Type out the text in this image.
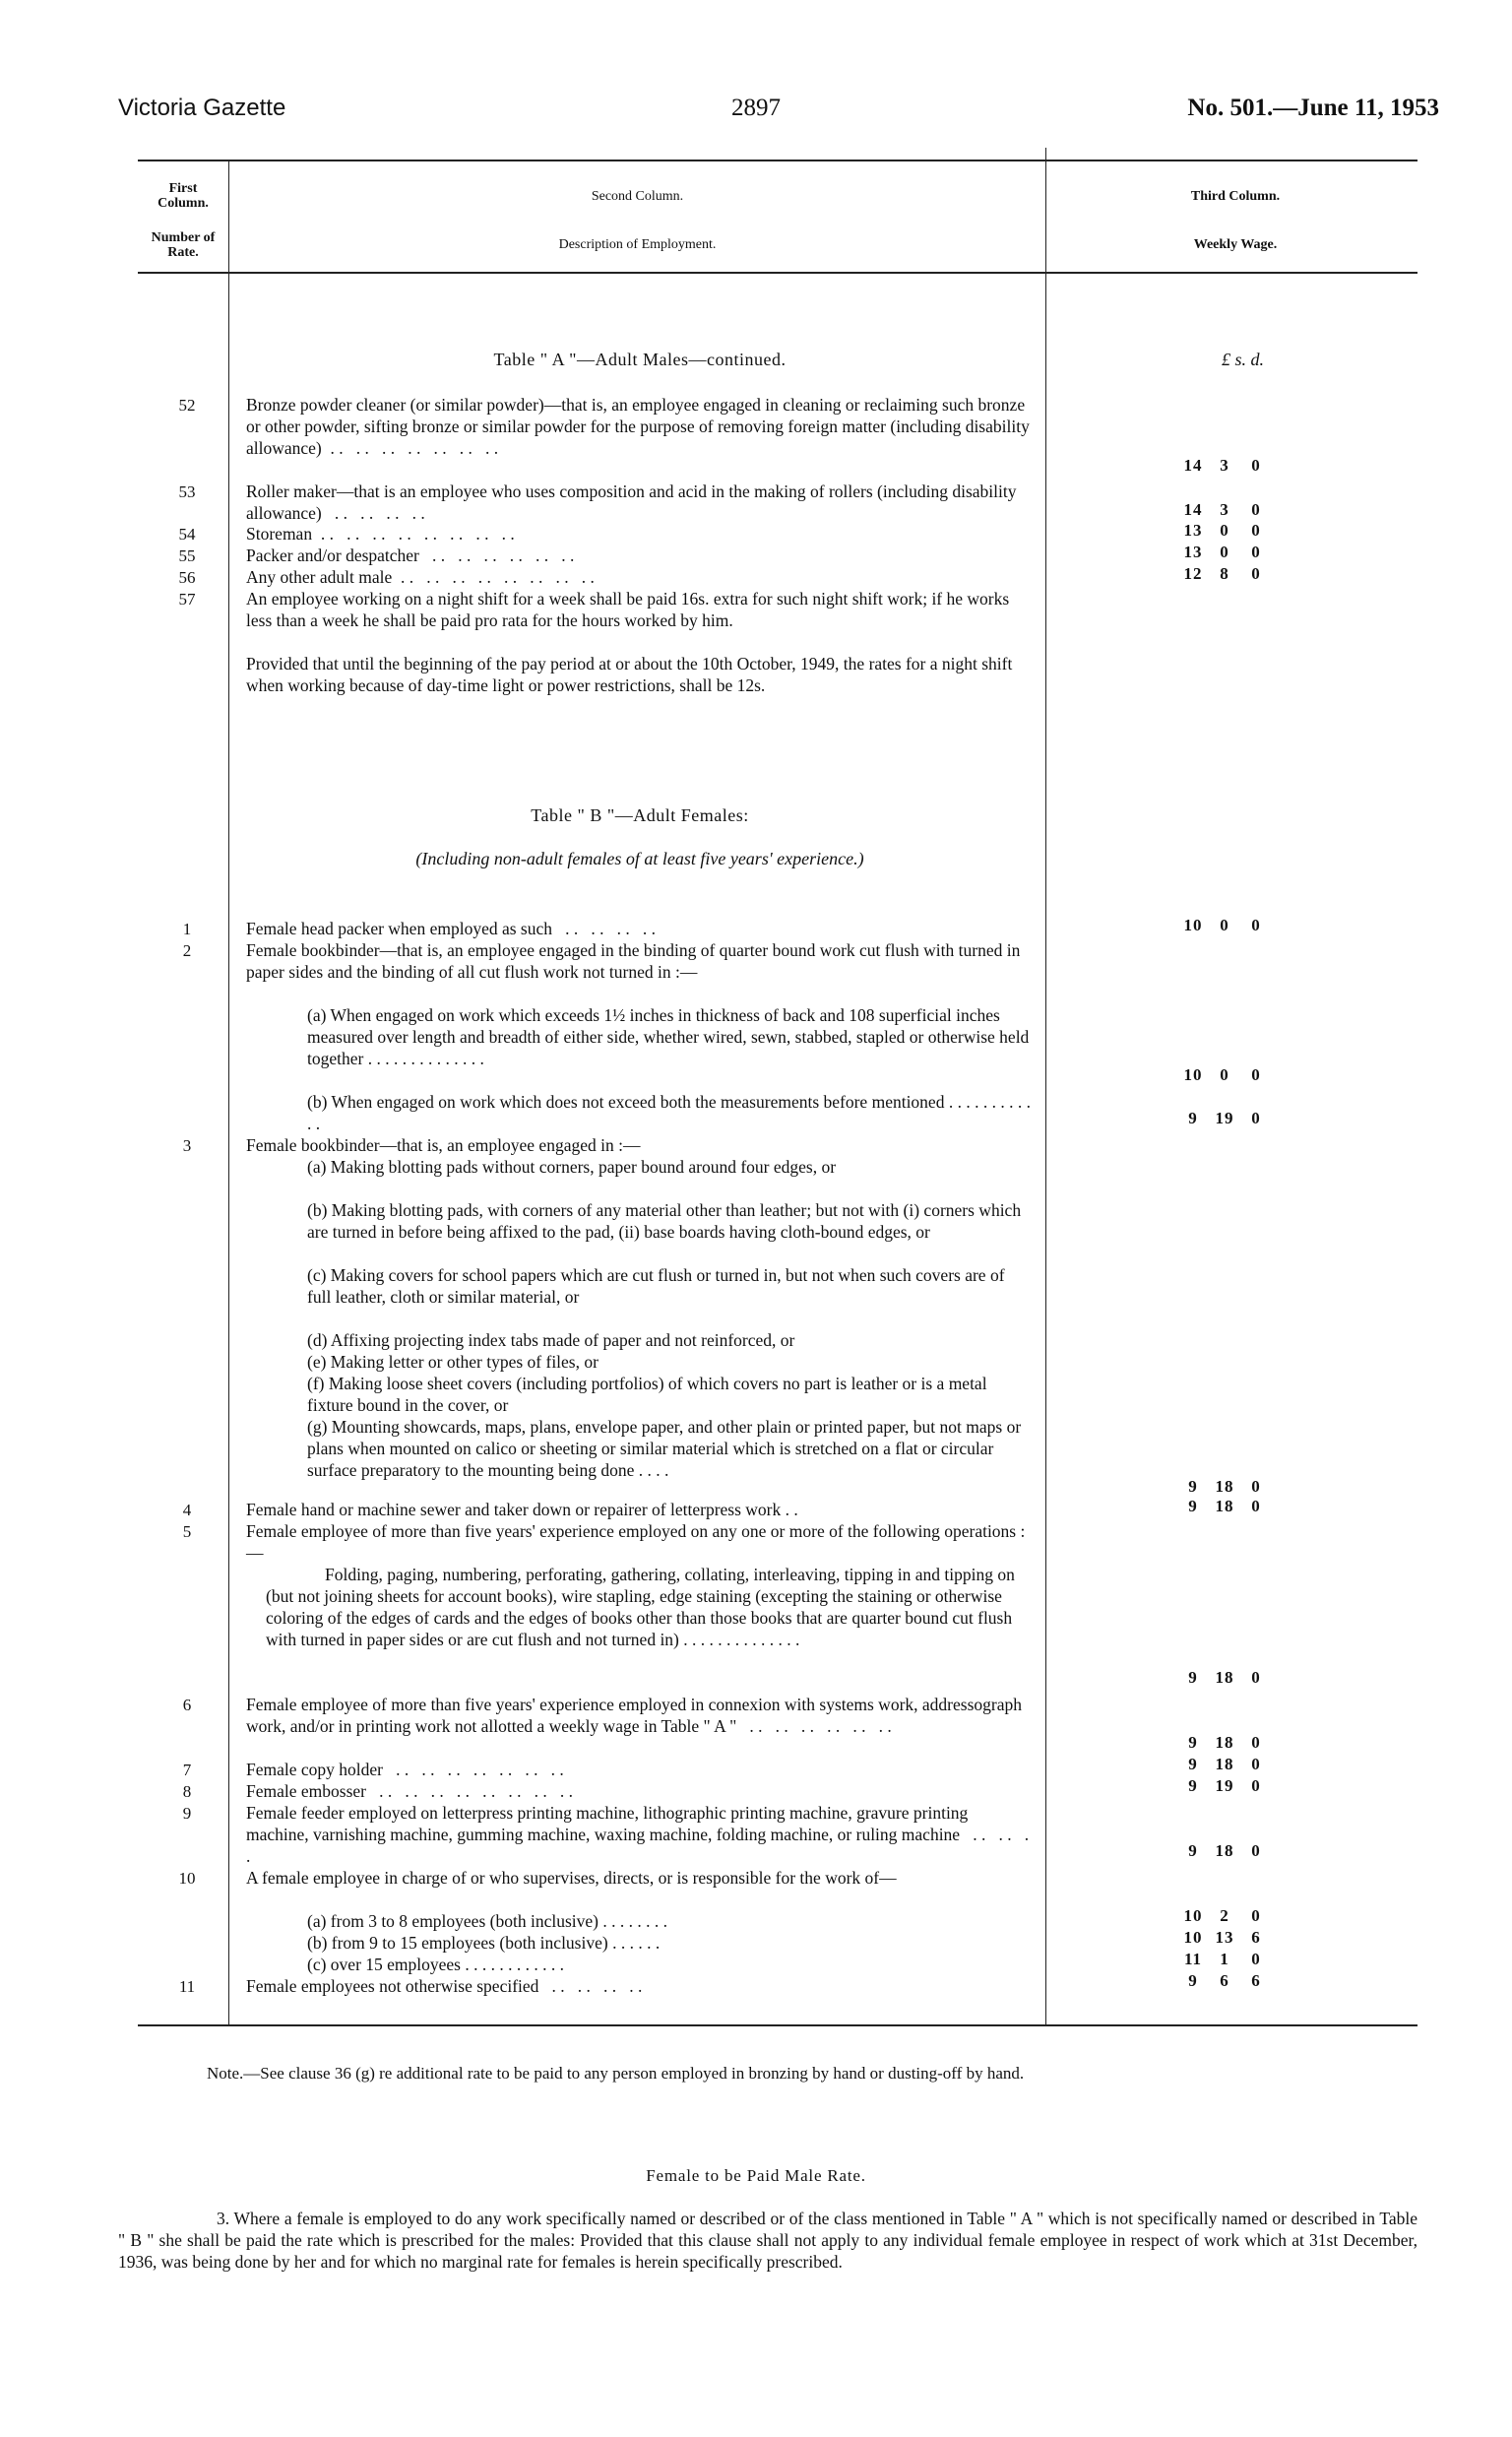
Victoria Gazette	2897	No. 501.—June 11, 1953
First Column.
Number of Rate.
Second Column.
Description of Employment.
Third Column.
Weekly Wage.
Table " A "—Adult Males—continued.	£ s. d.
52	Bronze powder cleaner (or similar powder)—that is, an employee engaged in cleaning or reclaiming such bronze or other powder, sifting bronze or similar powder for the purpose of removing foreign matter (including disability allowance)  . .   . .   . .   . .   . .   . .   . .
14 3 0
53	Roller maker—that is an employee who uses composition and acid in the making of rollers (including disability allowance)   . .   . .   . .   . .	14 3 0
54	Storeman  . .   . .   . .   . .   . .   . .   . .   . .	13 0 0
55	Packer and/or despatcher   . .   . .   . .   . .   . .   . .	13 0 0
56	Any other adult male  . .   . .   . .   . .   . .   . .   . .   . .	12 8 0
57	An employee working on a night shift for a week shall be paid 16s. extra for such night shift work; if he works less than a week he shall be paid pro rata for the hours worked by him.
Provided that until the beginning of the pay period at or about the 10th October, 1949, the rates for a night shift when working because of day-time light or power restrictions, shall be 12s.
Table " B "—Adult Females:
(Including non-adult females of at least five years' experience.)
1	Female head packer when employed as such   . .   . .   . .   . .	10 0 0
2	Female bookbinder—that is, an employee engaged in the binding of quarter bound work cut flush with turned in paper sides and the binding of all cut flush work not turned in :—
(a) When engaged on work which exceeds 1½ inches in thickness of back and 108 superficial inches measured over length and breadth of either side, whether wired, sewn, stabbed, stapled or otherwise held together . . . . . . . . . . . . . .
10 0 0
(b) When engaged on work which does not exceed both the measurements before mentioned . . . . . . . . . . . .	9 19 0
3	Female bookbinder—that is, an employee engaged in :—
(a) Making blotting pads without corners, paper bound around four edges, or
(b) Making blotting pads, with corners of any material other than leather; but not with (i) corners which are turned in before being affixed to the pad, (ii) base boards having cloth-bound edges, or
(c) Making covers for school papers which are cut flush or turned in, but not when such covers are of full leather, cloth or similar material, or
(d) Affixing projecting index tabs made of paper and not reinforced, or
(e) Making letter or other types of files, or
(f) Making loose sheet covers (including portfolios) of which covers no part is leather or is a metal fixture bound in the cover, or
(g) Mounting showcards, maps, plans, envelope paper, and other plain or printed paper, but not maps or plans when mounted on calico or sheeting or similar material which is stretched on a flat or circular surface preparatory to the mounting being done . . . .
9 18 0
4	Female hand or machine sewer and taker down or repairer of letterpress work . .	9 18 0
5	Female employee of more than five years' experience employed on any one or more of the following operations :—
Folding, paging, numbering, perforating, gathering, collating, interleaving, tipping in and tipping on (but not joining sheets for account books), wire stapling, edge staining (excepting the staining or otherwise coloring of the edges of cards and the edges of books other than those books that are quarter bound cut flush with turned in paper sides or are cut flush and not turned in) . . . . . . . . . . . . . .
9 18 0
6	Female employee of more than five years' experience employed in connexion with systems work, addressograph work, and/or in printing work not allotted a weekly wage in Table " A "   . .   . .   . .   . .   . .   . .
9 18 0
7	Female copy holder   . .   . .   . .   . .   . .   . .   . .	9 18 0
8	Female embosser   . .   . .   . .   . .   . .   . .   . .   . .	9 19 0
9	Female feeder employed on letterpress printing machine, lithographic printing machine, gravure printing machine, varnishing machine, gumming machine, waxing machine, folding machine, or ruling machine   . .   . .   . .	9 18 0
10	A female employee in charge of or who supervises, directs, or is responsible for the work of—
(a) from 3 to 8 employees (both inclusive) . . . . . . . .	10 2 0
(b) from 9 to 15 employees (both inclusive) . . . . . .	10 13 6
(c) over 15 employees . . . . . . . . . . . .	11 1 0
11	Female employees not otherwise specified   . .   . .   . .   . .	9 6 6
Note.—See clause 36 (g) re additional rate to be paid to any person employed in bronzing by hand or dusting-off by hand.
Female to be Paid Male Rate.
3. Where a female is employed to do any work specifically named or described or of the class mentioned in Table " A " which is not specifically named or described in Table " B " she shall be paid the rate which is prescribed for the males: Provided that this clause shall not apply to any individual female employee in respect of work which at 31st December, 1936, was being done by her and for which no marginal rate for females is herein specifically prescribed.
